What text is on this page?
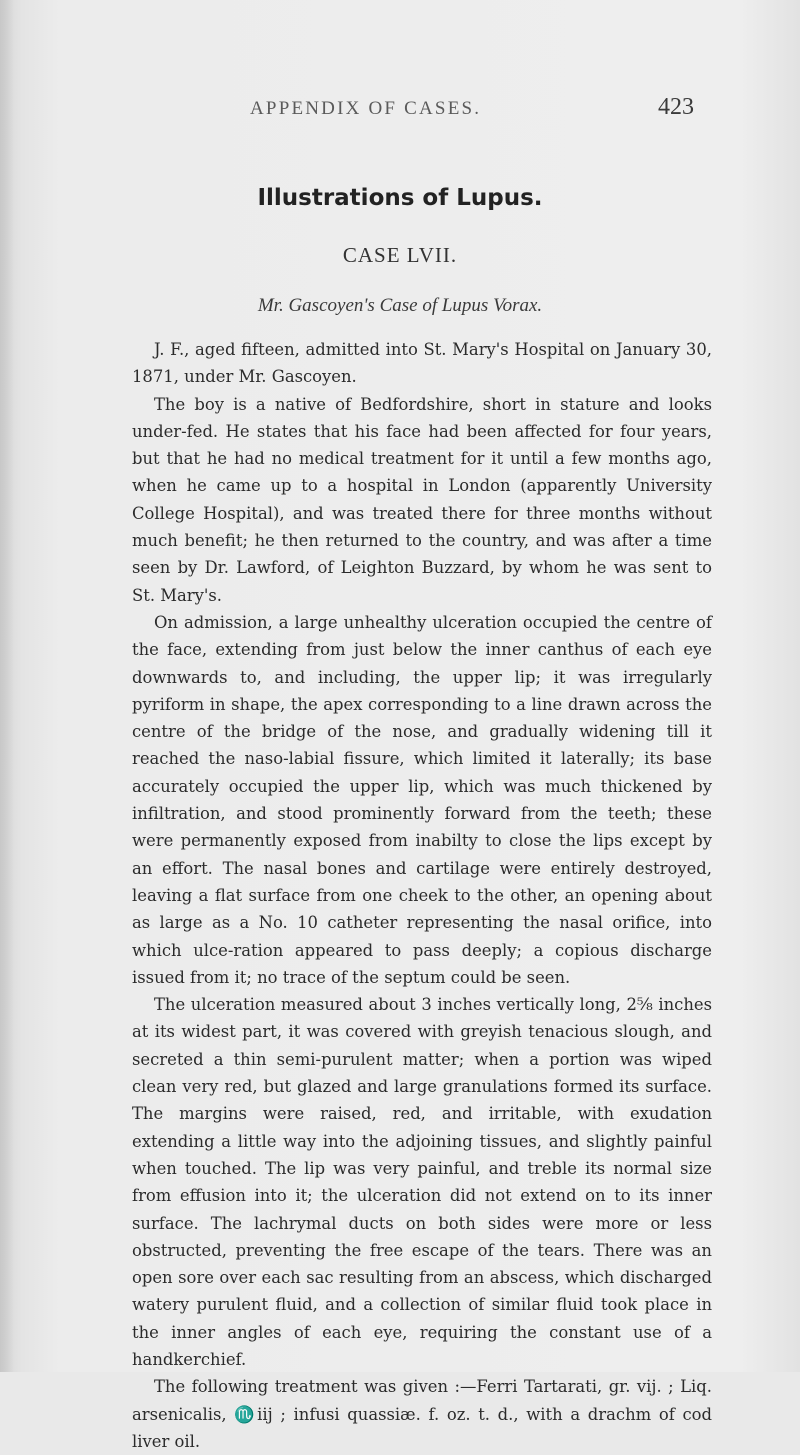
APPENDIX OF CASES.	423
Illustrations of Lupus.
CASE LVII.
Mr. Gascoyen's Case of Lupus Vorax.

J. F., aged fifteen, admitted into St. Mary's Hospital on January 30, 1871, under Mr. Gascoyen.

The boy is a native of Bedfordshire, short in stature and looks under-fed. He states that his face had been affected for four years, but that he had no medical treatment for it until a few months ago, when he came up to a hospital in London (apparently University College Hospital), and was treated there for three months without much benefit; he then returned to the country, and was after a time seen by Dr. Lawford, of Leighton Buzzard, by whom he was sent to St. Mary's.

On admission, a large unhealthy ulceration occupied the centre of the face, extending from just below the inner canthus of each eye downwards to, and including, the upper lip; it was irregularly pyriform in shape, the apex corresponding to a line drawn across the centre of the bridge of the nose, and gradually widening till it reached the naso-labial fissure, which limited it laterally; its base accurately occupied the upper lip, which was much thickened by infiltration, and stood prominently forward from the teeth; these were permanently exposed from inabilty to close the lips except by an effort. The nasal bones and cartilage were entirely destroyed, leaving a flat surface from one cheek to the other, an opening about as large as a No. 10 catheter representing the nasal orifice, into which ulce-ration appeared to pass deeply; a copious discharge issued from it; no trace of the septum could be seen.

The ulceration measured about 3 inches vertically long, 2⅝ inches at its widest part, it was covered with greyish tenacious slough, and secreted a thin semi-purulent matter; when a portion was wiped clean very red, but glazed and large granulations formed its surface. The margins were raised, red, and irritable, with exudation extending a little way into the adjoining tissues, and slightly painful when touched. The lip was very painful, and treble its normal size from effusion into it; the ulceration did not extend on to its inner surface. The lachrymal ducts on both sides were more or less obstructed, preventing the free escape of the tears. There was an open sore over each sac resulting from an abscess, which discharged watery purulent fluid, and a collection of similar fluid took place in the inner angles of each eye, requiring the constant use of a handkerchief.

The following treatment was given :—Ferri Tartarati, gr. vij. ; Liq. arsenicalis, ♏iij ; infusi quassiæ. f. oz. t. d., with a drachm of cod liver oil.
